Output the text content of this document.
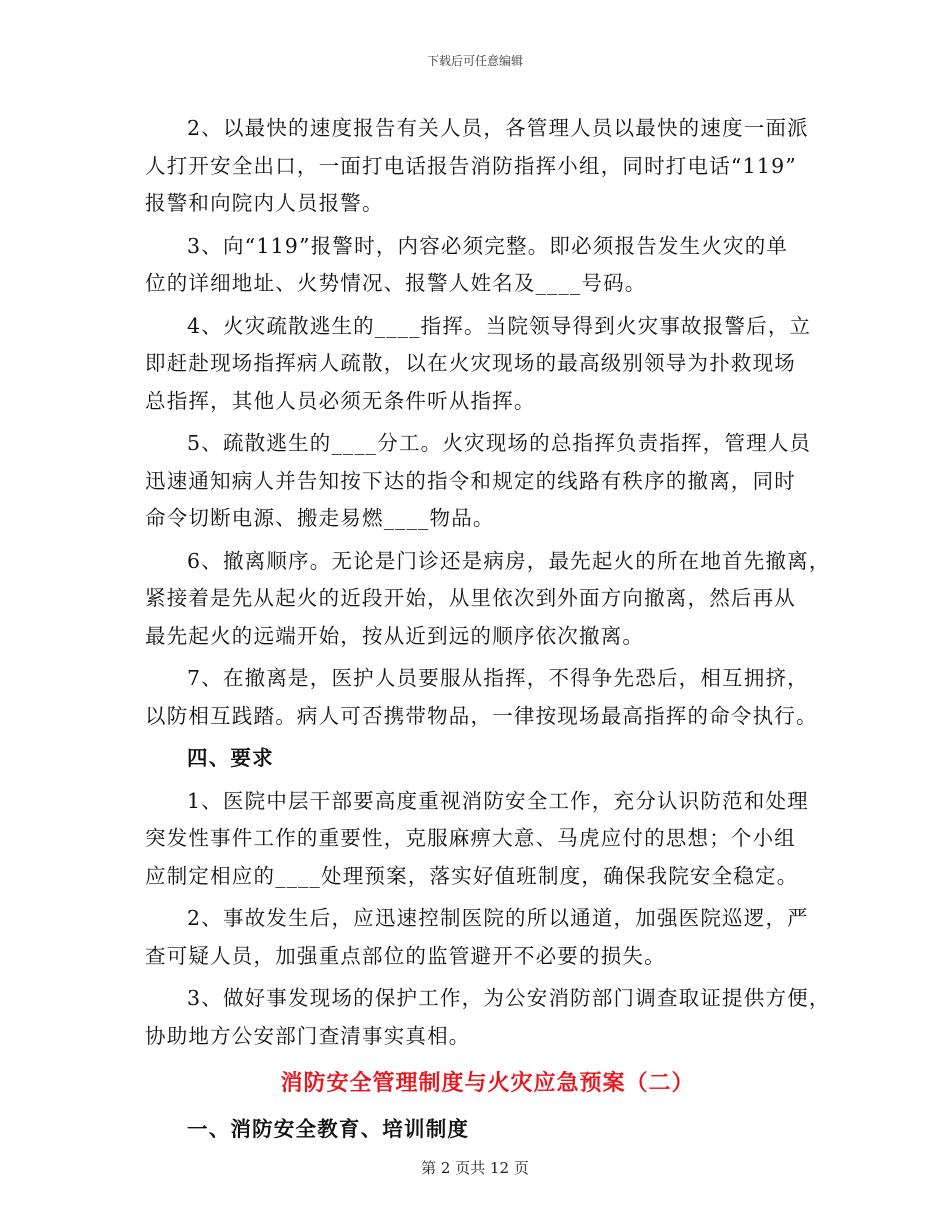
下载后可任意编辑
2、以最快的速度报告有关人员，各管理人员以最快的速度一面派
人打开安全出口，一面打电话报告消防指挥小组，同时打电话“119”
报警和向院内人员报警。
3、向“119”报警时，内容必须完整。即必须报告发生火灾的单
位的详细地址、火势情况、报警人姓名及____号码。
4、火灾疏散逃生的____指挥。当院领导得到火灾事故报警后，立
即赶赴现场指挥病人疏散，以在火灾现场的最高级别领导为扑救现场
总指挥，其他人员必须无条件听从指挥。
5、疏散逃生的____分工。火灾现场的总指挥负责指挥，管理人员
迅速通知病人并告知按下达的指令和规定的线路有秩序的撤离，同时
命令切断电源、搬走易燃____物品。
6、撤离顺序。无论是门诊还是病房，最先起火的所在地首先撤离，
紧接着是先从起火的近段开始，从里依次到外面方向撤离，然后再从
最先起火的远端开始，按从近到远的顺序依次撤离。
7、在撤离是，医护人员要服从指挥，不得争先恐后，相互拥挤，
以防相互践踏。病人可否携带物品，一律按现场最高指挥的命令执行。
四、要求
1、医院中层干部要高度重视消防安全工作，充分认识防范和处理
突发性事件工作的重要性，克服麻痹大意、马虎应付的思想；个小组
应制定相应的____处理预案，落实好值班制度，确保我院安全稳定。
2、事故发生后，应迅速控制医院的所以通道，加强医院巡逻，严
查可疑人员，加强重点部位的监管避开不必要的损失。
3、做好事发现场的保护工作，为公安消防部门调查取证提供方便，
协助地方公安部门查清事实真相。
消防安全管理制度与火灾应急预案（二）
一、消防安全教育、培训制度
第 2 页共 12 页
